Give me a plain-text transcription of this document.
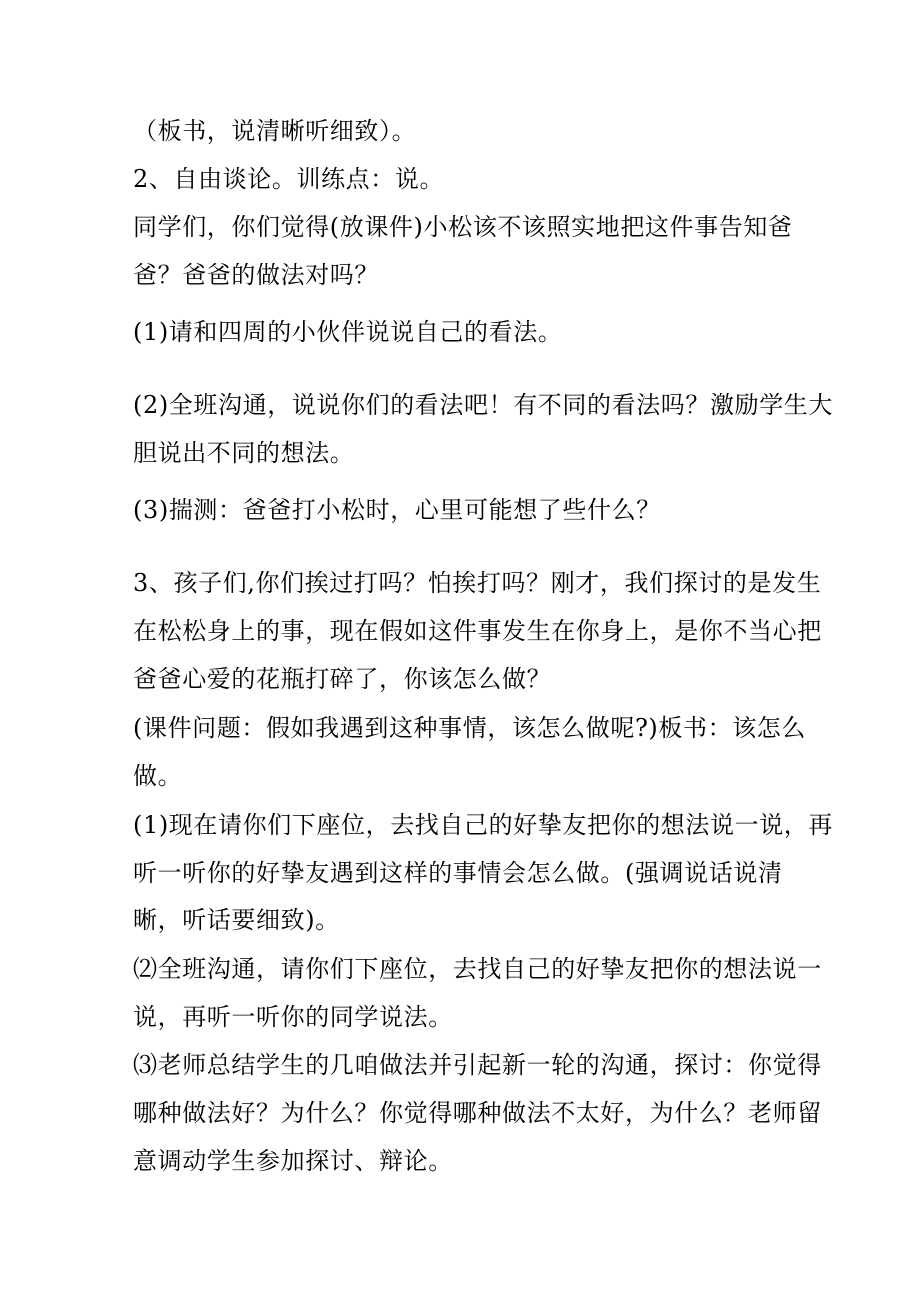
（板书，说清晰听细致）。
2、自由谈论。训练点：说。
同学们，你们觉得(放课件)小松该不该照实地把这件事告知爸
爸？爸爸的做法对吗？
(1)请和四周的小伙伴说说自己的看法。
(2)全班沟通，说说你们的看法吧！有不同的看法吗？激励学生大
胆说出不同的想法。
(3)揣测：爸爸打小松时，心里可能想了些什么？
3、孩子们,你们挨过打吗？怕挨打吗？刚才，我们探讨的是发生
在松松身上的事，现在假如这件事发生在你身上，是你不当心把
爸爸心爱的花瓶打碎了，你该怎么做？
(课件问题：假如我遇到这种事情，该怎么做呢?)板书：该怎么
做。
(1)现在请你们下座位，去找自己的好挚友把你的想法说一说，再
听一听你的好挚友遇到这样的事情会怎么做。(强调说话说清
晰，听话要细致)。
⑵全班沟通，请你们下座位，去找自己的好挚友把你的想法说一
说，再听一听你的同学说法。
⑶老师总结学生的几咱做法并引起新一轮的沟通，探讨：你觉得
哪种做法好？为什么？你觉得哪种做法不太好，为什么？老师留
意调动学生参加探讨、辩论。
